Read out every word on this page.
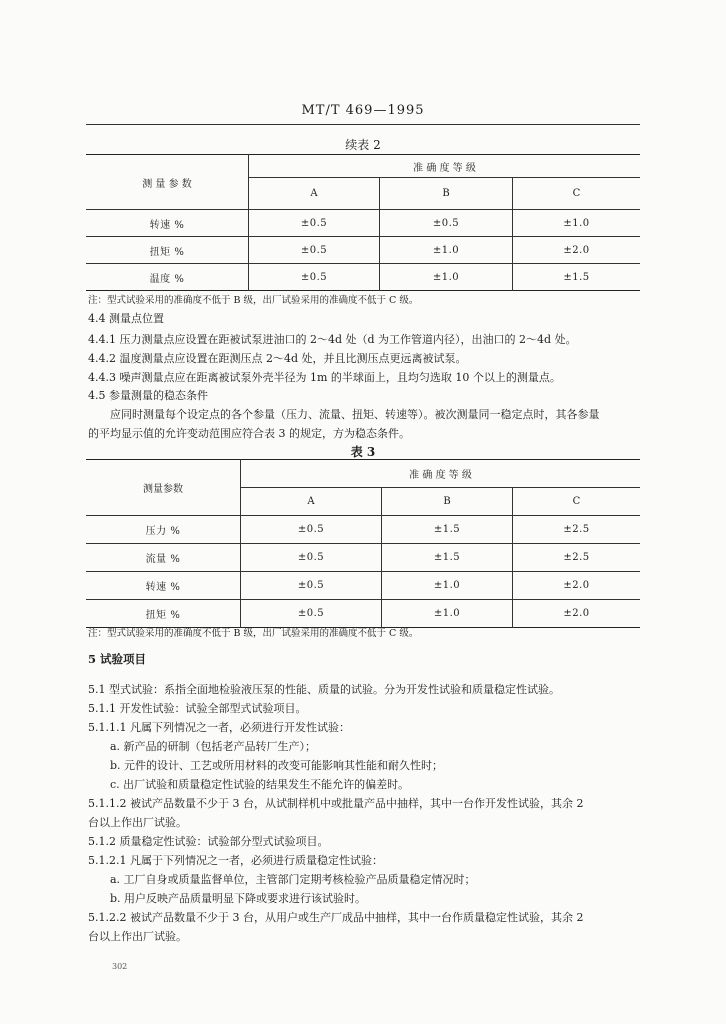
MT/T 469—1995
续表 2
测 量 参 数	准 确 度 等 级		
	A	B	C
转速 %	±0.5	±0.5	±1.0
扭矩 %	±0.5	±1.0	±2.0
温度 %	±0.5	±1.0	±1.5
注：型式试验采用的准确度不低于 B 级，出厂试验采用的准确度不低于 C 级。
4.4 测量点位置
4.4.1 压力测量点应设置在距被试泵进油口的 2～4d 处（d 为工作管道内径），出油口的 2～4d 处。
4.4.2 温度测量点应设置在距测压点 2～4d 处，并且比测压点更远离被试泵。
4.4.3 噪声测量点应在距离被试泵外壳半径为 1m 的半球面上，且均匀选取 10 个以上的测量点。
4.5 参量测量的稳态条件
应同时测量每个设定点的各个参量（压力、流量、扭矩、转速等）。被次测量同一稳定点时，其各参量
的平均显示值的允许变动范围应符合表 3 的规定，方为稳态条件。
表 3
测量参数	准 确 度 等 级		
	A	B	C
压力 %	±0.5	±1.5	±2.5
流量 %	±0.5	±1.5	±2.5
转速 %	±0.5	±1.0	±2.0
扭矩 %	±0.5	±1.0	±2.0
注：型式试验采用的准确度不低于 B 级，出厂试验采用的准确度不低于 C 级。
5 试验项目
5.1 型式试验：系指全面地检验液压泵的性能、质量的试验。分为开发性试验和质量稳定性试验。
5.1.1 开发性试验：试验全部型式试验项目。
5.1.1.1 凡属下列情况之一者，必须进行开发性试验：
a. 新产品的研制（包括老产品转厂生产）；
b. 元件的设计、工艺或所用材料的改变可能影响其性能和耐久性时；
c. 出厂试验和质量稳定性试验的结果发生不能允许的偏差时。
5.1.1.2 被试产品数量不少于 3 台，从试制样机中或批量产品中抽样，其中一台作开发性试验，其余 2
台以上作出厂试验。
5.1.2 质量稳定性试验：试验部分型式试验项目。
5.1.2.1 凡属于下列情况之一者，必须进行质量稳定性试验：
a. 工厂自身或质量监督单位，主管部门定期考核检验产品质量稳定情况时；
b. 用户反映产品质量明显下降或要求进行该试验时。
5.1.2.2 被试产品数量不少于 3 台，从用户或生产厂成品中抽样，其中一台作质量稳定性试验，其余 2
台以上作出厂试验。
302
